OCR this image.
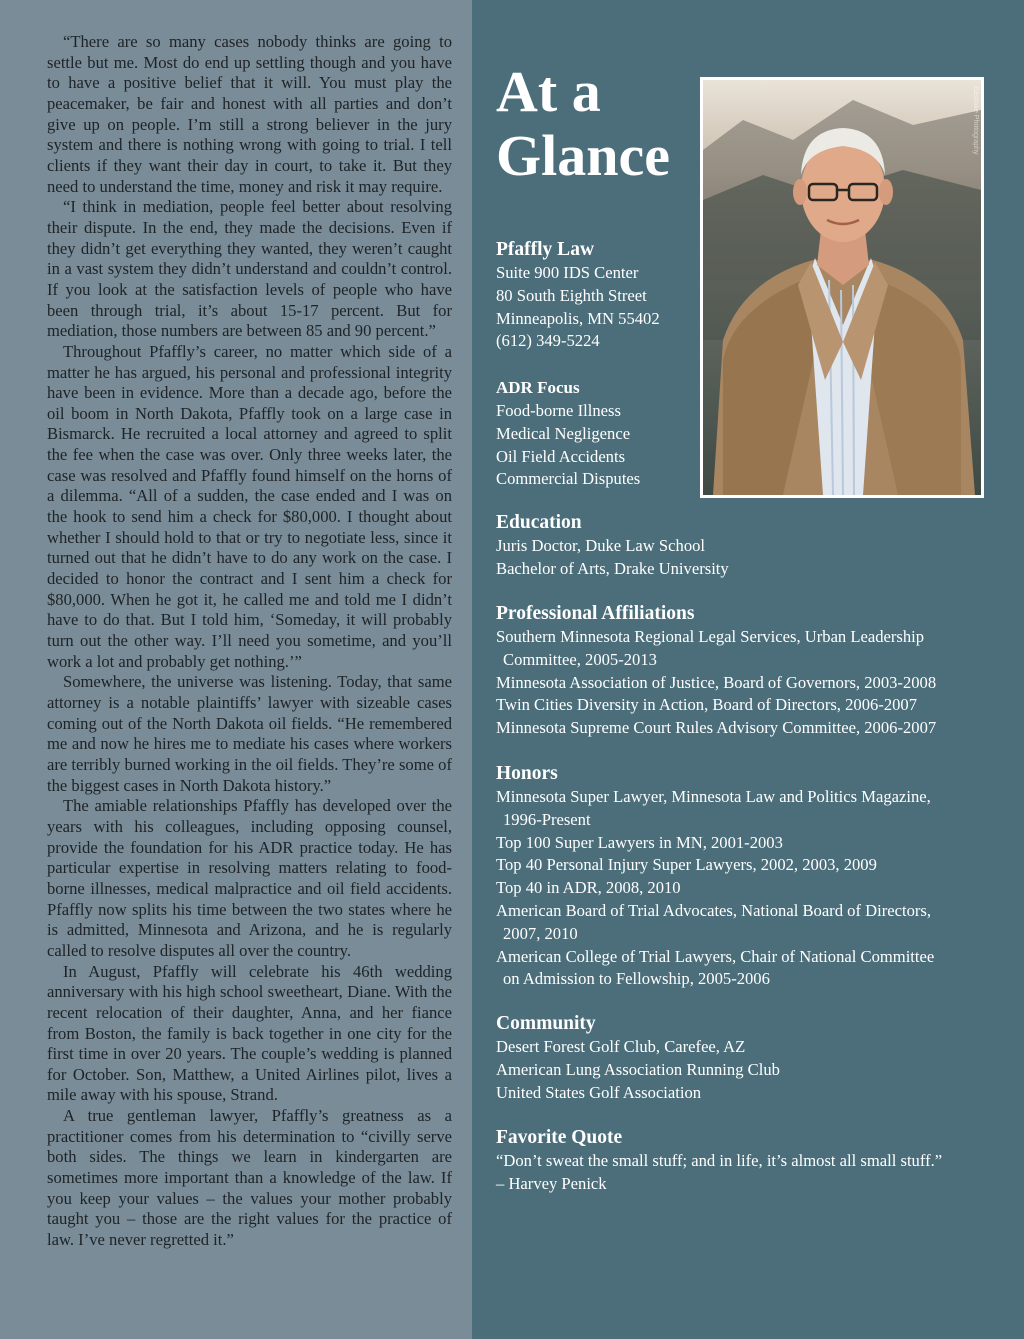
“There are so many cases nobody thinks are going to settle but me. Most do end up settling though and you have to have a positive belief that it will. You must play the peacemaker, be fair and honest with all parties and don’t give up on people. I’m still a strong believer in the jury system and there is nothing wrong with going to trial. I tell clients if they want their day in court, to take it. But they need to understand the time, money and risk it may require.

“I think in mediation, people feel better about resolving their dispute. In the end, they made the decisions. Even if they didn’t get everything they wanted, they weren’t caught in a vast system they didn’t understand and couldn’t control. If you look at the satisfaction levels of people who have been through trial, it’s about 15-17 percent. But for mediation, those numbers are between 85 and 90 percent.”

Throughout Pfaffly’s career, no matter which side of a matter he has argued, his personal and professional integrity have been in evidence. More than a decade ago, before the oil boom in North Dakota, Pfaffly took on a large case in Bismarck. He recruited a local attorney and agreed to split the fee when the case was over. Only three weeks later, the case was resolved and Pfaffly found himself on the horns of a dilemma. “All of a sudden, the case ended and I was on the hook to send him a check for $80,000. I thought about whether I should hold to that or try to negotiate less, since it turned out that he didn’t have to do any work on the case. I decided to honor the contract and I sent him a check for $80,000. When he got it, he called me and told me I didn’t have to do that. But I told him, ‘Someday, it will probably turn out the other way. I’ll need you sometime, and you’ll work a lot and probably get nothing.’”

Somewhere, the universe was listening. Today, that same attorney is a notable plaintiffs’ lawyer with sizeable cases coming out of the North Dakota oil fields. “He remembered me and now he hires me to mediate his cases where workers are terribly burned working in the oil fields. They’re some of the biggest cases in North Dakota history.”

The amiable relationships Pfaffly has developed over the years with his colleagues, including opposing counsel, provide the foundation for his ADR practice today. He has particular expertise in resolving matters relating to food-borne illnesses, medical malpractice and oil field accidents. Pfaffly now splits his time between the two states where he is admitted, Minnesota and Arizona, and he is regularly called to resolve disputes all over the country.

In August, Pfaffly will celebrate his 46th wedding anniversary with his high school sweetheart, Diane. With the recent relocation of their daughter, Anna, and her fiance from Boston, the family is back together in one city for the first time in over 20 years. The couple’s wedding is planned for October. Son, Matthew, a United Airlines pilot, lives a mile away with his spouse, Strand.

A true gentleman lawyer, Pfaffly’s greatness as a practitioner comes from his determination to “civilly serve both sides. The things we learn in kindergarten are sometimes more important than a knowledge of the law. If you keep your values – the values your mother probably taught you – those are the right values for the practice of law. I’ve never regretted it.”

At a
Glance
Eastlake Photography
Pfaffly Law
Suite 900 IDS Center
80 South Eighth Street
Minneapolis, MN 55402
(612) 349-5224
ADR Focus
Food-borne Illness
Medical Negligence
Oil Field Accidents
Commercial Disputes
Education
Juris Doctor, Duke Law School
Bachelor of Arts, Drake University
Professional Affiliations
Southern Minnesota Regional Legal Services, Urban Leadership
Committee, 2005-2013
Minnesota Association of Justice, Board of Governors, 2003-2008
Twin Cities Diversity in Action, Board of Directors, 2006-2007
Minnesota Supreme Court Rules Advisory Committee, 2006-2007
Honors
Minnesota Super Lawyer, Minnesota Law and Politics Magazine,
1996-Present
Top 100 Super Lawyers in MN, 2001-2003
Top 40 Personal Injury Super Lawyers, 2002, 2003, 2009
Top 40 in ADR, 2008, 2010
American Board of Trial Advocates, National Board of Directors,
2007, 2010
American College of Trial Lawyers, Chair of National Committee
on Admission to Fellowship, 2005-2006
Community
Desert Forest Golf Club, Carefee, AZ
American Lung Association Running Club
United States Golf Association
Favorite Quote
“Don’t sweat the small stuff; and in life, it’s almost all small stuff.”
– Harvey Penick
